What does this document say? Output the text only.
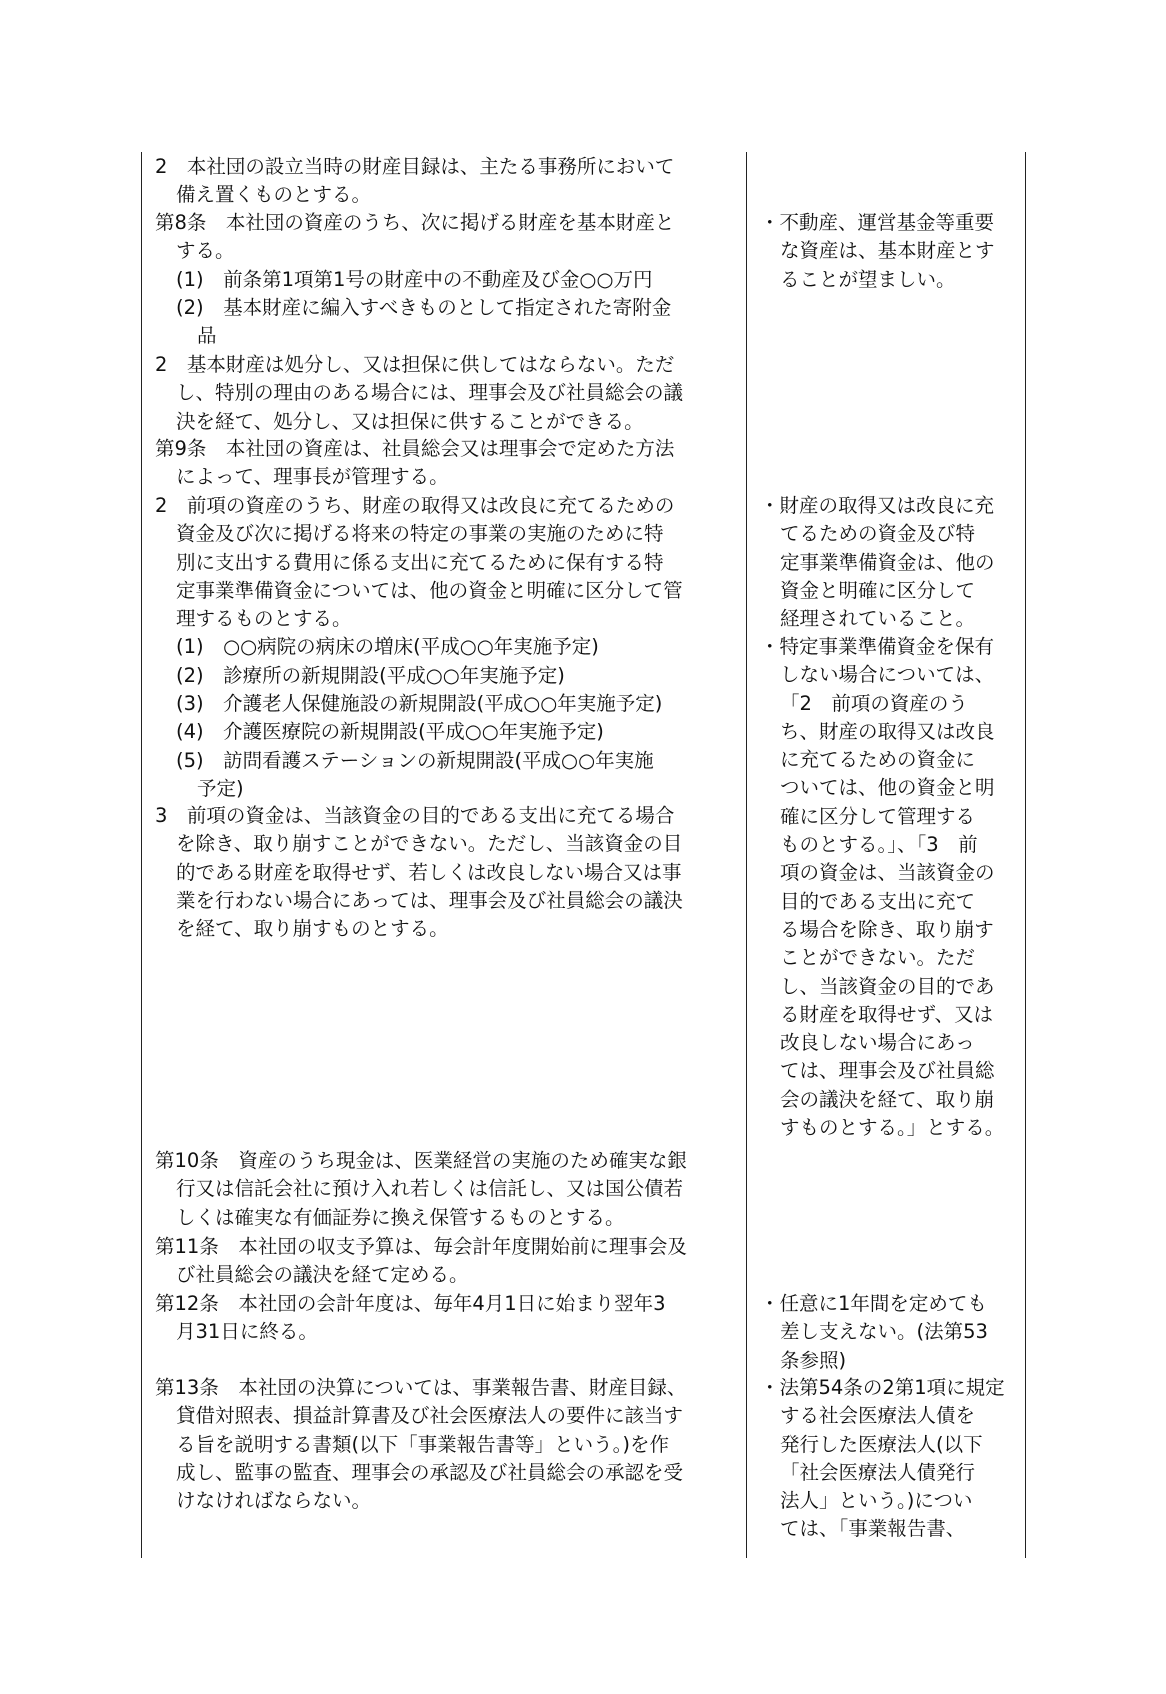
2　本社団の設立当時の財産目録は、主たる事務所において
備え置くものとする。
第8条　本社団の資産のうち、次に掲げる財産を基本財産と
する。
(1)　前条第1項第1号の財産中の不動産及び金○○万円
(2)　基本財産に編入すべきものとして指定された寄附金
品
2　基本財産は処分し、又は担保に供してはならない。ただ
し、特別の理由のある場合には、理事会及び社員総会の議
決を経て、処分し、又は担保に供することができる。
第9条　本社団の資産は、社員総会又は理事会で定めた方法
によって、理事長が管理する。
2　前項の資産のうち、財産の取得又は改良に充てるための
資金及び次に掲げる将来の特定の事業の実施のために特
別に支出する費用に係る支出に充てるために保有する特
定事業準備資金については、他の資金と明確に区分して管
理するものとする。
(1)　○○病院の病床の増床(平成○○年実施予定)
(2)　診療所の新規開設(平成○○年実施予定)
(3)　介護老人保健施設の新規開設(平成○○年実施予定)
(4)　介護医療院の新規開設(平成○○年実施予定)
(5)　訪問看護ステーションの新規開設(平成○○年実施
予定)
3　前項の資金は、当該資金の目的である支出に充てる場合
を除き、取り崩すことができない。ただし、当該資金の目
的である財産を取得せず、若しくは改良しない場合又は事
業を行わない場合にあっては、理事会及び社員総会の議決
を経て、取り崩すものとする。
第10条　資産のうち現金は、医業経営の実施のため確実な銀
行又は信託会社に預け入れ若しくは信託し、又は国公債若
しくは確実な有価証券に換え保管するものとする。
第11条　本社団の収支予算は、毎会計年度開始前に理事会及
び社員総会の議決を経て定める。
第12条　本社団の会計年度は、毎年4月1日に始まり翌年3
月31日に終る。
第13条　本社団の決算については、事業報告書、財産目録、
貸借対照表、損益計算書及び社会医療法人の要件に該当す
る旨を説明する書類(以下「事業報告書等」という。)を作
成し、監事の監査、理事会の承認及び社員総会の承認を受
けなければならない。
・不動産、運営基金等重要
な資産は、基本財産とす
ることが望ましい。
・財産の取得又は改良に充
てるための資金及び特
定事業準備資金は、他の
資金と明確に区分して
経理されていること。
・特定事業準備資金を保有
しない場合については、
「2　前項の資産のう
ち、財産の取得又は改良
に充てるための資金に
ついては、他の資金と明
確に区分して管理する
ものとする。」、「3　前
項の資金は、当該資金の
目的である支出に充て
る場合を除き、取り崩す
ことができない。ただ
し、当該資金の目的であ
る財産を取得せず、又は
改良しない場合にあっ
ては、理事会及び社員総
会の議決を経て、取り崩
すものとする。」とする。
・任意に1年間を定めても
差し支えない。(法第53
条参照)
・法第54条の2第1項に規定
する社会医療法人債を
発行した医療法人(以下
「社会医療法人債発行
法人」という。)につい
ては、「事業報告書、
